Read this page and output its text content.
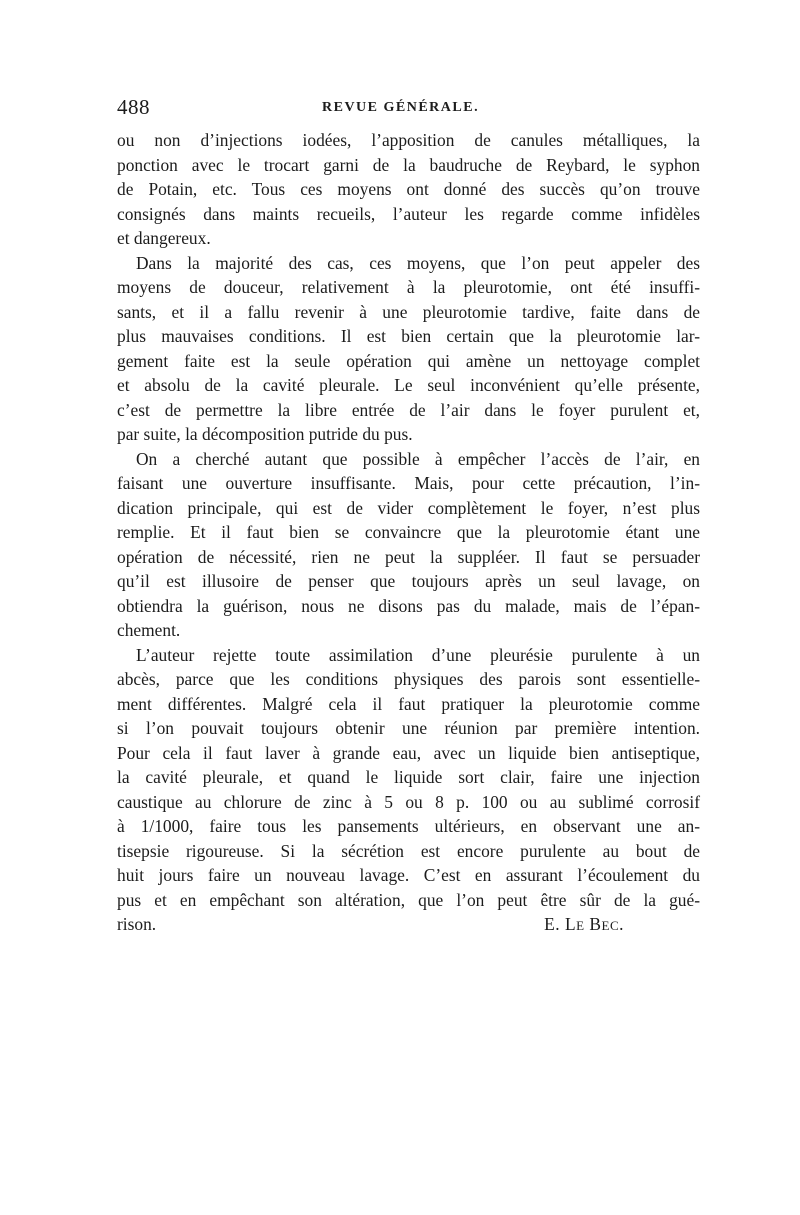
488	REVUE GÉNÉRALE.
ou non d’injections iodées, l’apposition de canules métalliques, la
ponction avec le trocart garni de la baudruche de Reybard, le syphon
de Potain, etc. Tous ces moyens ont donné des succès qu’on trouve
consignés dans maints recueils, l’auteur les regarde comme infidèles
et dangereux.
Dans la majorité des cas, ces moyens, que l’on peut appeler des
moyens de douceur, relativement à la pleurotomie, ont été insuffi-
sants, et il a fallu revenir à une pleurotomie tardive, faite dans de
plus mauvaises conditions. Il est bien certain que la pleurotomie lar-
gement faite est la seule opération qui amène un nettoyage complet
et absolu de la cavité pleurale. Le seul inconvénient qu’elle présente,
c’est de permettre la libre entrée de l’air dans le foyer purulent et,
par suite, la décomposition putride du pus.
On a cherché autant que possible à empêcher l’accès de l’air, en
faisant une ouverture insuffisante. Mais, pour cette précaution, l’in-
dication principale, qui est de vider complètement le foyer, n’est plus
remplie. Et il faut bien se convaincre que la pleurotomie étant une
opération de nécessité, rien ne peut la suppléer. Il faut se persuader
qu’il est illusoire de penser que toujours après un seul lavage, on
obtiendra la guérison, nous ne disons pas du malade, mais de l’épan-
chement.
L’auteur rejette toute assimilation d’une pleurésie purulente à un
abcès, parce que les conditions physiques des parois sont essentielle-
ment différentes. Malgré cela il faut pratiquer la pleurotomie comme
si l’on pouvait toujours obtenir une réunion par première intention.
Pour cela il faut laver à grande eau, avec un liquide bien antiseptique,
la cavité pleurale, et quand le liquide sort clair, faire une injection
caustique au chlorure de zinc à 5 ou 8 p. 100 ou au sublimé corrosif
à 1/1000, faire tous les pansements ultérieurs, en observant une an-
tisepsie rigoureuse. Si la sécrétion est encore purulente au bout de
huit jours faire un nouveau lavage. C’est en assurant l’écoulement du
pus et en empêchant son altération, que l’on peut être sûr de la gué-
rison.	E. LE BEC.
